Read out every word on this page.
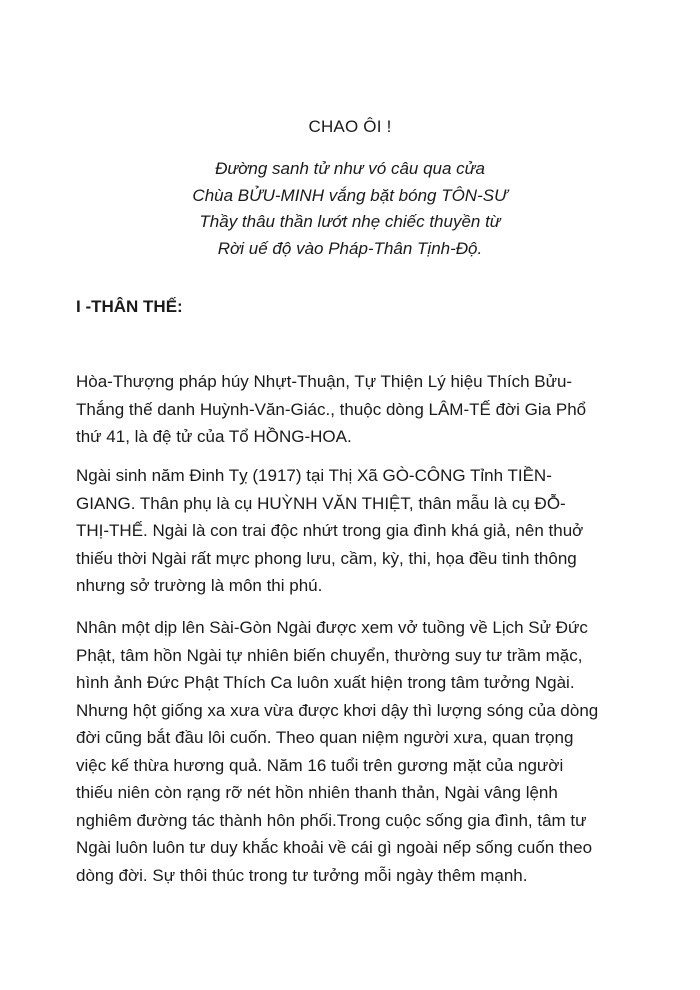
CHAO ÔI !
Đường sanh tử như vó câu qua cửa
Chùa BỬU-MINH vắng bặt bóng TÔN-SƯ
Thầy thâu thần lướt nhẹ chiếc thuyền từ
Rời uế độ vào Pháp-Thân Tịnh-Độ.
I -THÂN THẾ:
Hòa-Thượng pháp húy Nhựt-Thuận, Tự Thiện Lý hiệu Thích Bửu-
Thắng thế danh Huỳnh-Văn-Giác., thuộc dòng LÂM-TẾ đời Gia Phổ
thứ 41, là đệ tử của Tổ HỒNG-HOA.
Ngài sinh năm Đinh Tỵ (1917) tại Thị Xã GÒ-CÔNG Tỉnh TIỀN-
GIANG. Thân phụ là cụ HUỲNH VĂN THIỆT, thân mẫu là cụ ĐỖ-
THỊ-THẾ. Ngài là con trai độc nhứt trong gia đình khá giả, nên thuở
thiếu thời Ngài rất mực phong lưu, cầm, kỳ, thi, họa đều tinh thông
nhưng sở trường là môn thi phú.
Nhân một dịp lên Sài-Gòn Ngài được xem vở tuồng về Lịch Sử Đức
Phật, tâm hồn Ngài tự nhiên biến chuyển, thường suy tư trầm mặc,
hình ảnh Đức Phật Thích Ca luôn xuất hiện trong tâm tưởng Ngài.
Nhưng hột giống xa xưa vừa được khơi dậy thì lượng sóng của dòng
đời cũng bắt đầu lôi cuốn. Theo quan niệm người xưa, quan trọng
việc kế thừa hương quả. Năm 16 tuổi trên gương mặt của người
thiếu niên còn rạng rỡ nét hồn nhiên thanh thản, Ngài vâng lệnh
nghiêm đường tác thành hôn phối.Trong cuộc sống gia đình, tâm tư
Ngài luôn luôn tư duy khắc khoải về cái gì ngoài nếp sống cuốn theo
dòng đời. Sự thôi thúc trong tư tưởng mỗi ngày thêm mạnh.
